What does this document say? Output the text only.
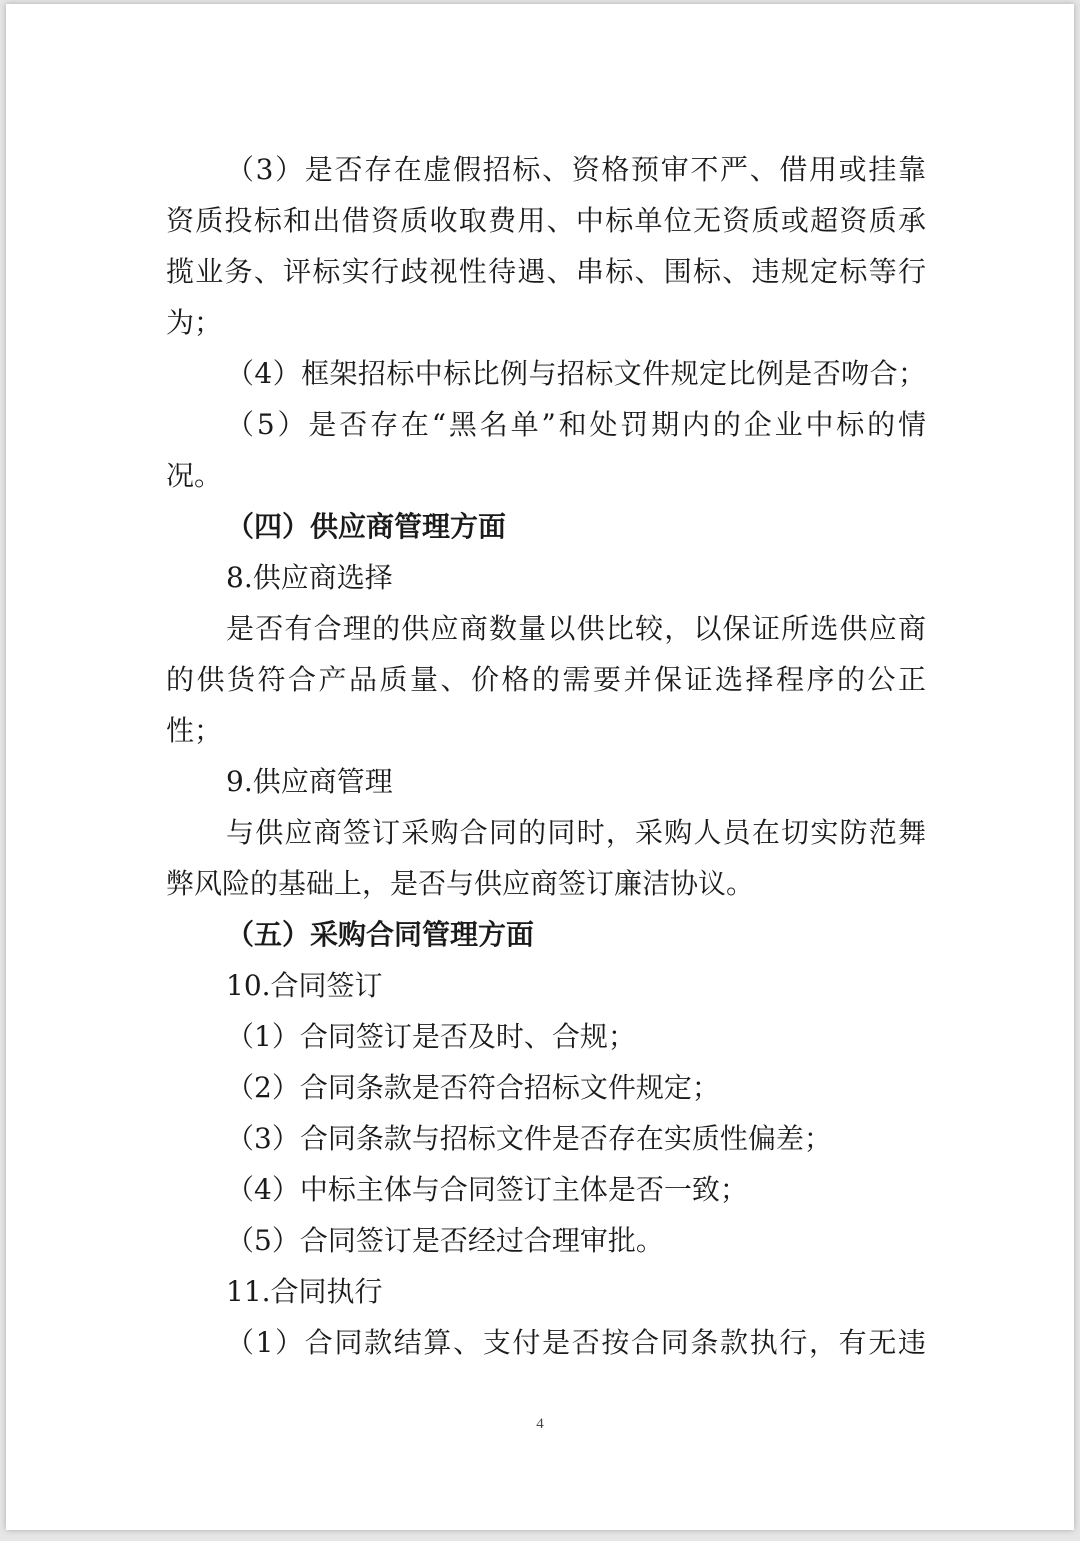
（3）是否存在虚假招标、资格预审不严、借用或挂靠
资质投标和出借资质收取费用、中标单位无资质或超资质承
揽业务、评标实行歧视性待遇、串标、围标、违规定标等行
为；
（4）框架招标中标比例与招标文件规定比例是否吻合；
（5）是否存在“黑名单”和处罚期内的企业中标的情
况。
（四）供应商管理方面
8.供应商选择
是否有合理的供应商数量以供比较，以保证所选供应商
的供货符合产品质量、价格的需要并保证选择程序的公正
性；
9.供应商管理
与供应商签订采购合同的同时，采购人员在切实防范舞
弊风险的基础上，是否与供应商签订廉洁协议。
（五）采购合同管理方面
10.合同签订
（1）合同签订是否及时、合规；
（2）合同条款是否符合招标文件规定；
（3）合同条款与招标文件是否存在实质性偏差；
（4）中标主体与合同签订主体是否一致；
（5）合同签订是否经过合理审批。
11.合同执行
（1）合同款结算、支付是否按合同条款执行，有无违
4
